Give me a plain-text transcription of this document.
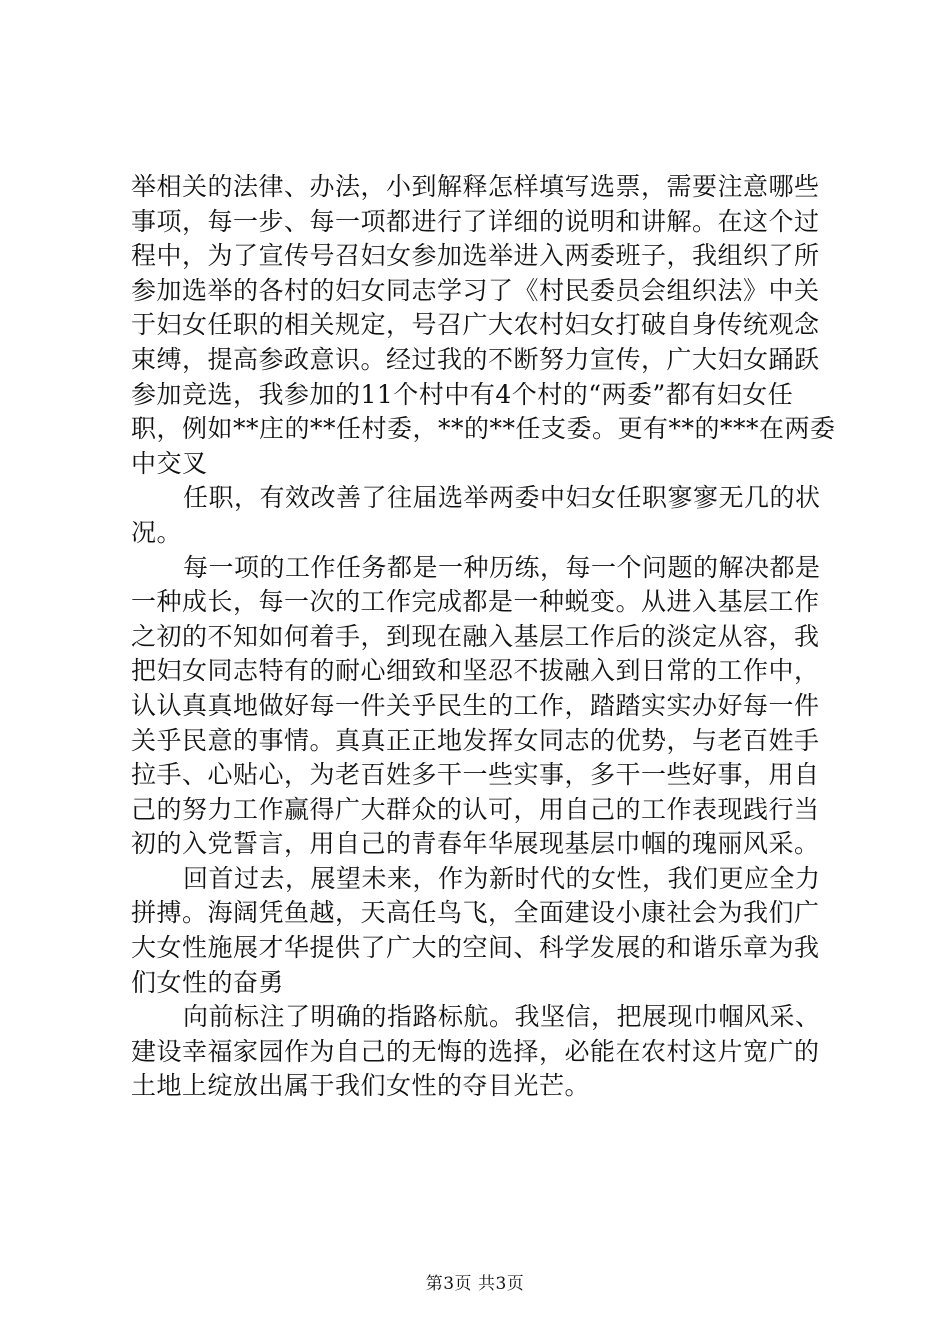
举相关的法律、办法，小到解释怎样填写选票，需要注意哪些
事项，每一步、每一项都进行了详细的说明和讲解。在这个过
程中，为了宣传号召妇女参加选举进入两委班子，我组织了所
参加选举的各村的妇女同志学习了《村民委员会组织法》中关
于妇女任职的相关规定，号召广大农村妇女打破自身传统观念
束缚，提高参政意识。经过我的不断努力宣传，广大妇女踊跃
参加竞选，我参加的11个村中有4个村的“两委”都有妇女任
职，例如**庄的**任村委，**的**任支委。更有**的***在两委
中交叉
任职，有效改善了往届选举两委中妇女任职寥寥无几的状
况。
每一项的工作任务都是一种历练，每一个问题的解决都是
一种成长，每一次的工作完成都是一种蜕变。从进入基层工作
之初的不知如何着手，到现在融入基层工作后的淡定从容，我
把妇女同志特有的耐心细致和坚忍不拔融入到日常的工作中，
认认真真地做好每一件关乎民生的工作，踏踏实实办好每一件
关乎民意的事情。真真正正地发挥女同志的优势，与老百姓手
拉手、心贴心，为老百姓多干一些实事，多干一些好事，用自
己的努力工作赢得广大群众的认可，用自己的工作表现践行当
初的入党誓言，用自己的青春年华展现基层巾帼的瑰丽风采。
回首过去，展望未来，作为新时代的女性，我们更应全力
拼搏。海阔凭鱼越，天高任鸟飞，全面建设小康社会为我们广
大女性施展才华提供了广大的空间、科学发展的和谐乐章为我
们女性的奋勇
向前标注了明确的指路标航。我坚信，把展现巾帼风采、
建设幸福家园作为自己的无悔的选择，必能在农村这片宽广的
土地上绽放出属于我们女性的夺目光芒。
第3页 共3页
